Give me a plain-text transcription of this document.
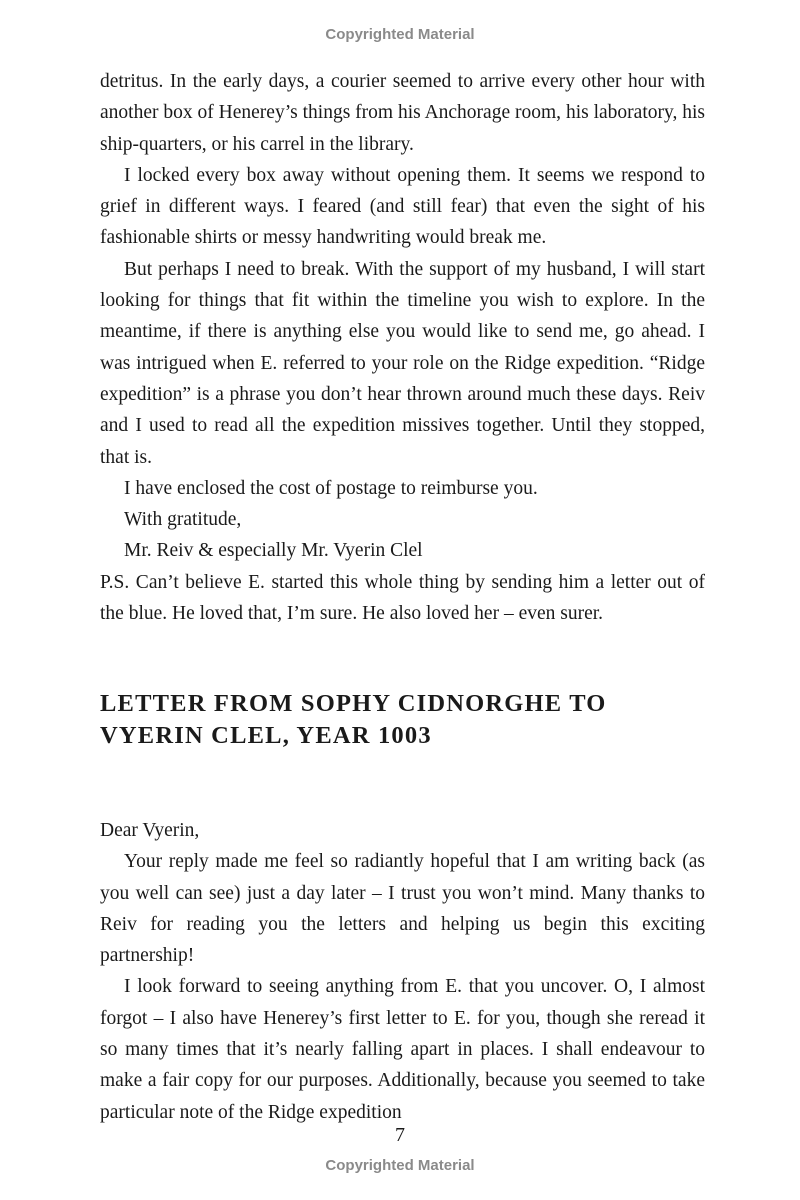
Copyrighted Material

detritus. In the early days, a courier seemed to arrive every other hour with another box of Henerey’s things from his Anchorage room, his laboratory, his ship-quarters, or his carrel in the library.

I locked every box away without opening them. It seems we respond to grief in different ways. I feared (and still fear) that even the sight of his fashionable shirts or messy handwriting would break me.

But perhaps I need to break. With the support of my husband, I will start looking for things that fit within the timeline you wish to explore. In the meantime, if there is anything else you would like to send me, go ahead. I was intrigued when E. referred to your role on the Ridge expedition. “Ridge expedition” is a phrase you don’t hear thrown around much these days. Reiv and I used to read all the expedition missives together. Until they stopped, that is.

I have enclosed the cost of postage to reimburse you.

With gratitude,

Mr. Reiv & especially Mr. Vyerin Clel

P.S. Can’t believe E. started this whole thing by sending him a letter out of the blue. He loved that, I’m sure. He also loved her – even surer.

LETTER FROM SOPHY CIDNORGHE TO
VYERIN CLEL, YEAR 1003

Dear Vyerin,

Your reply made me feel so radiantly hopeful that I am writing back (as you well can see) just a day later – I trust you won’t mind. Many thanks to Reiv for reading you the letters and helping us begin this exciting partnership!

I look forward to seeing anything from E. that you uncover. O, I almost forgot – I also have Henerey’s first letter to E. for you, though she reread it so many times that it’s nearly falling apart in places. I shall endeavour to make a fair copy for our purposes. Additionally, because you seemed to take particular note of the Ridge expedition

7
Copyrighted Material
